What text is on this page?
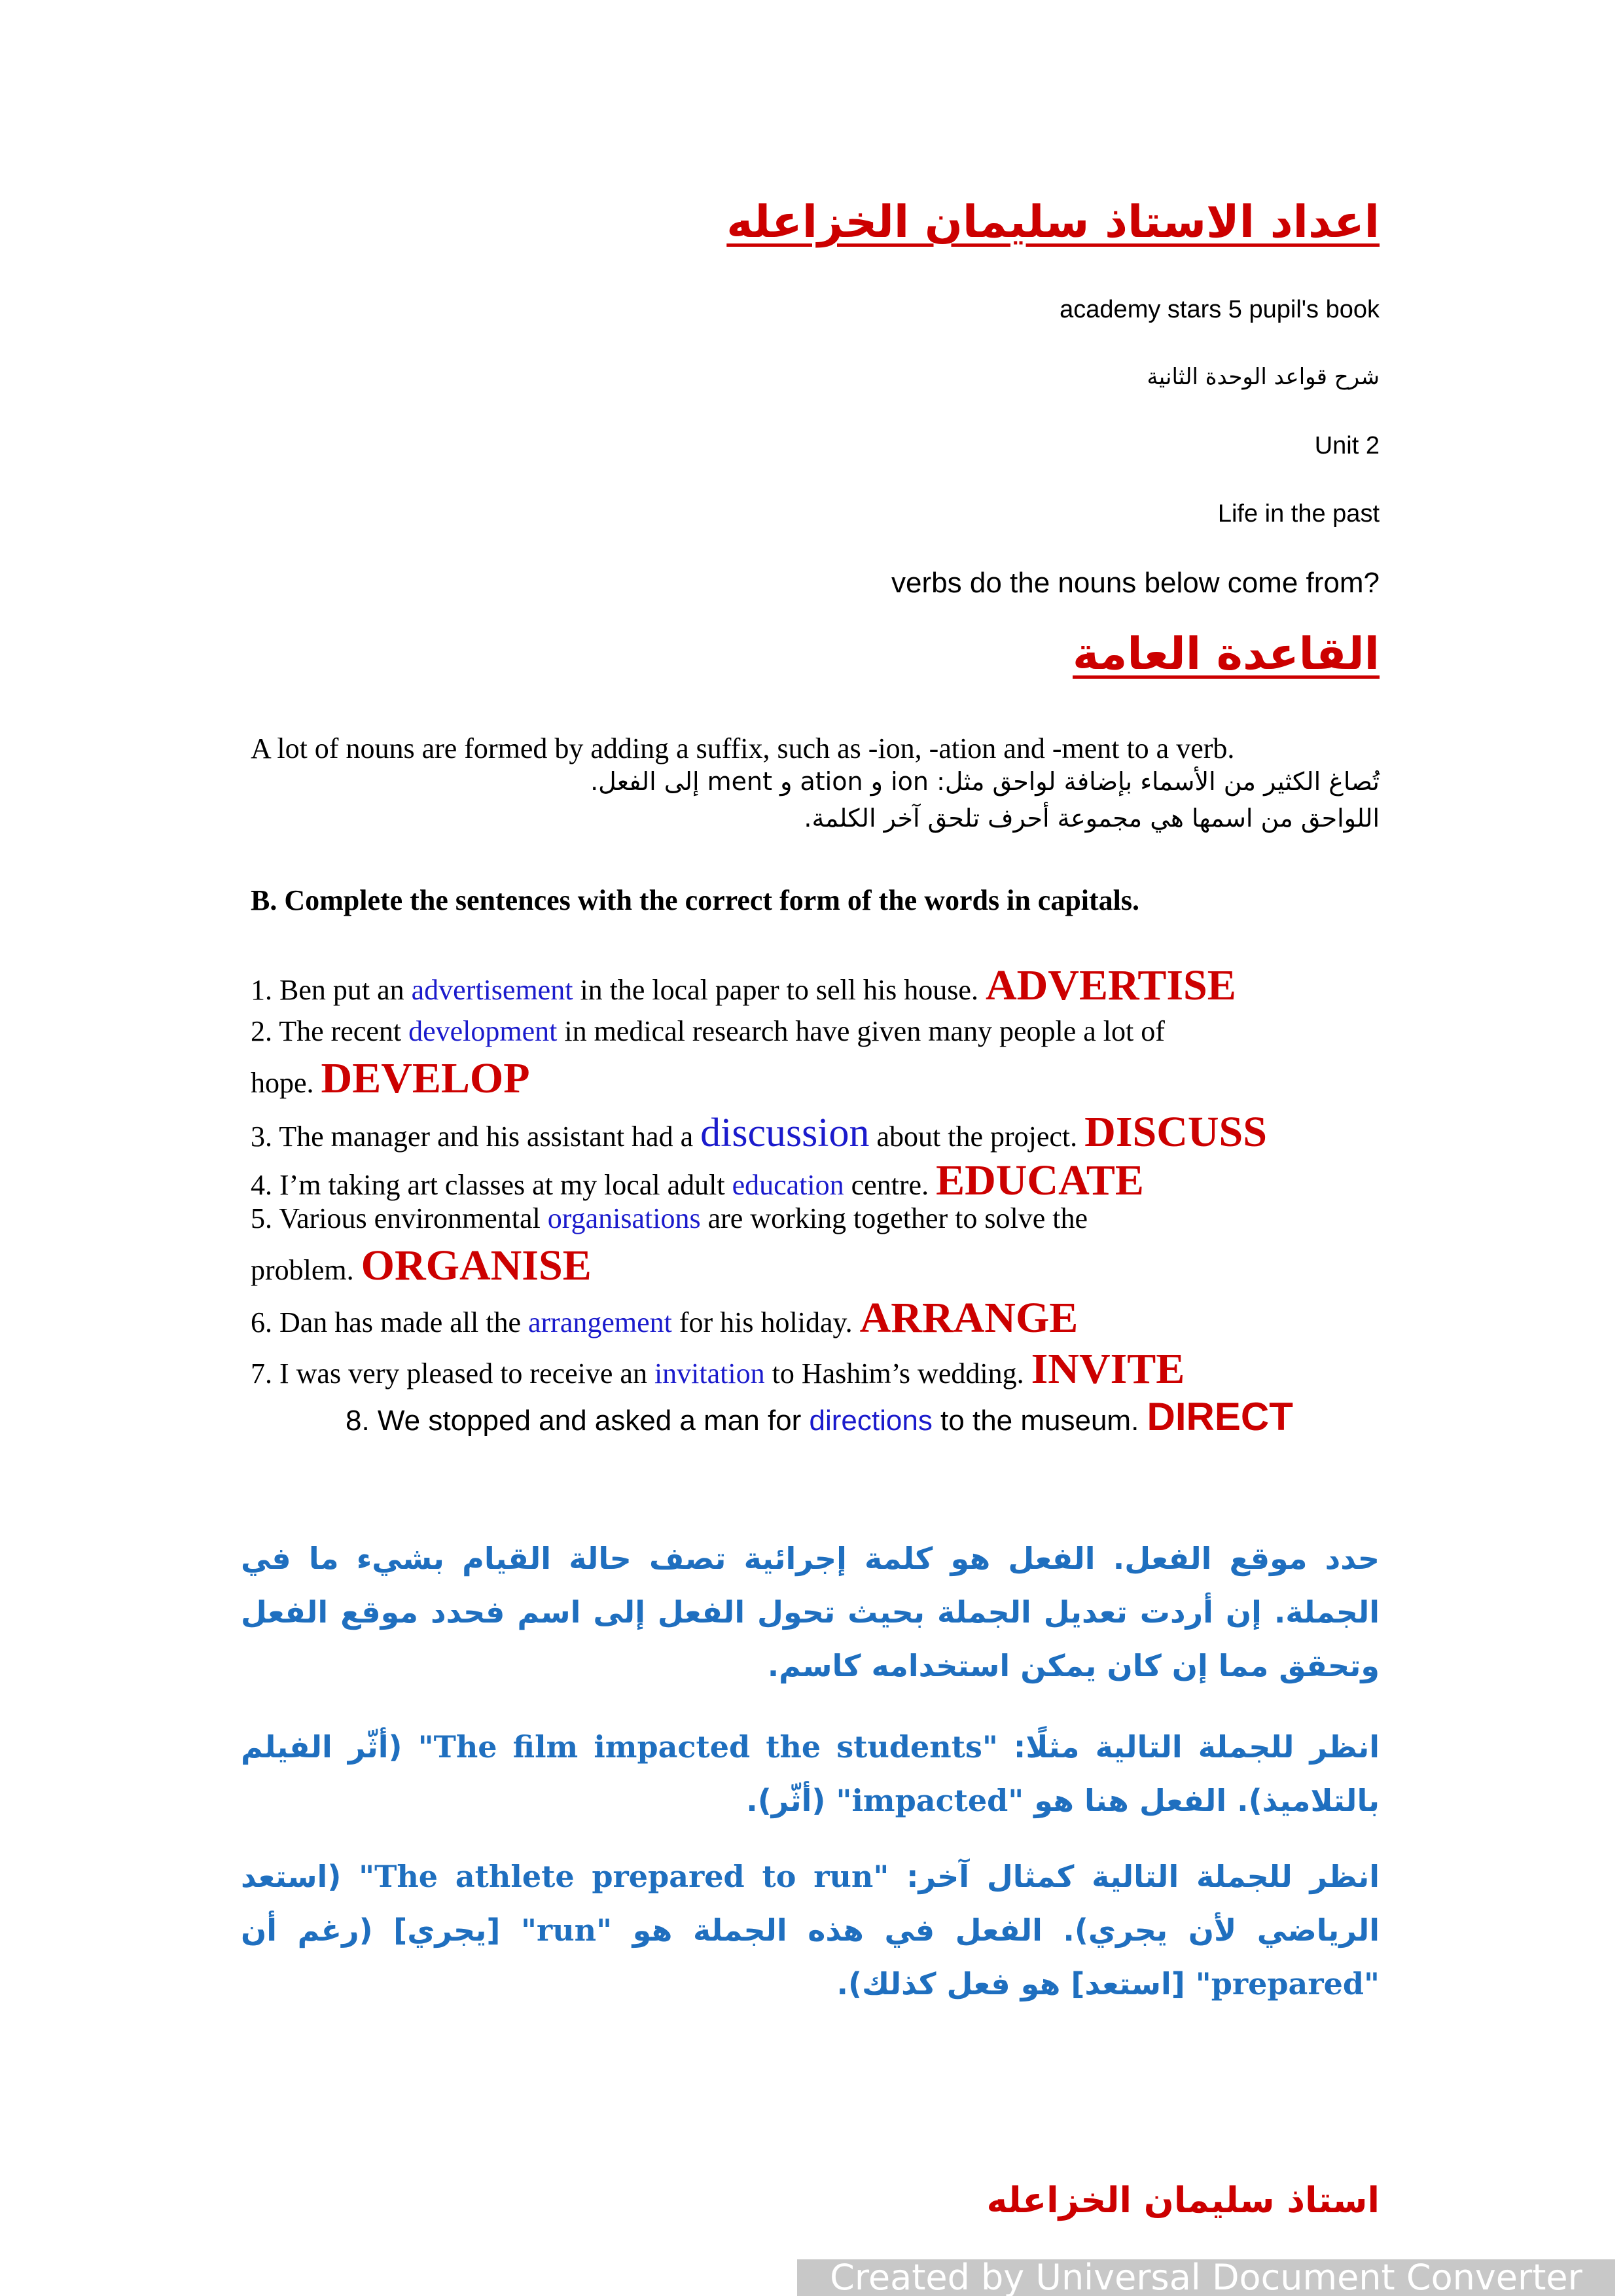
اعداد الاستاذ سليمان الخزاعله
academy stars 5 pupil's book
شرح قواعد الوحدة الثانية
Unit 2
Life in the past
verbs do the nouns below come from?
القاعدة العامة
A lot of nouns are formed by adding a suffix, such as -ion, -ation and -ment to a verb.
تُصاغ الكثير من الأسماء بإضافة لواحق مثل: ion و ation و ment إلى الفعل.
اللواحق من اسمها هي مجموعة أحرف تلحق آخر الكلمة.
B. Complete the sentences with the correct form of the words in capitals.
1. Ben put an advertisement in the local paper to sell his house. ADVERTISE
2. The recent development in medical research have given many people a lot of
hope. DEVELOP
3. The manager and his assistant had a discussion about the project. DISCUSS
4. I’m taking art classes at my local adult education centre. EDUCATE
5. Various environmental organisations are working together to solve the
problem. ORGANISE
6. Dan has made all the arrangement for his holiday. ARRANGE
7. I was very pleased to receive an invitation to Hashim’s wedding. INVITE
8. We stopped and asked a man for directions to the museum. DIRECT
حدد موقع الفعل. الفعل هو كلمة إجرائية تصف حالة القيام بشيء ما في الجملة. إن أردت تعديل الجملة بحيث تحول الفعل إلى اسم فحدد موقع الفعل وتحقق مما إن كان يمكن استخدامه كاسم.
انظر للجملة التالية مثلًا: "The film impacted the students" (أثّر الفيلم بالتلاميذ). الفعل هنا هو "impacted" (أثّر).
انظر للجملة التالية كمثال آخر: "The athlete prepared to run" (استعد الرياضي لأن يجري). الفعل في هذه الجملة هو "run" [يجري] (رغم أن "prepared" [استعد] هو فعل كذلك).
استاذ سليمان الخزاعله
Created by Universal Document Converter
